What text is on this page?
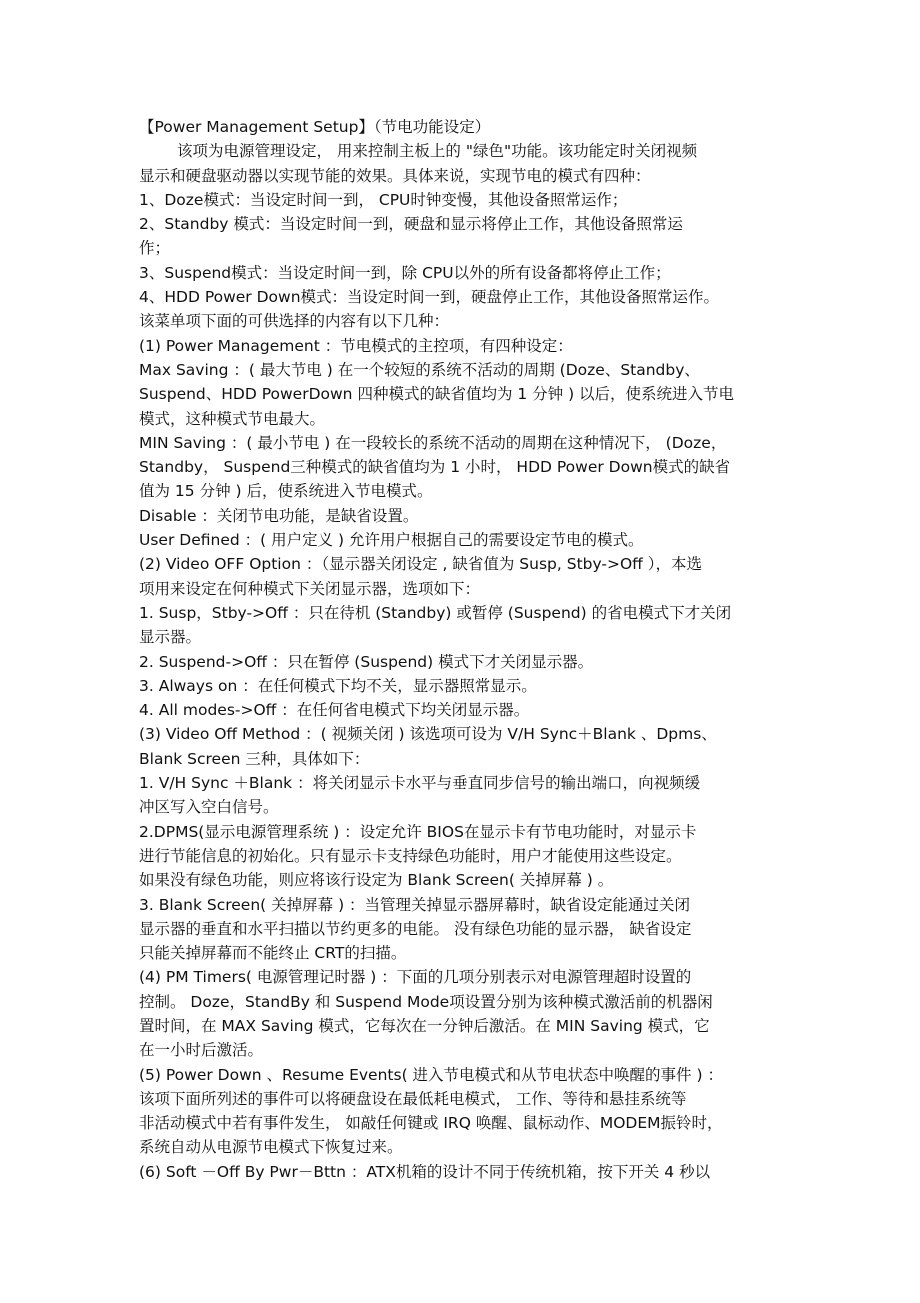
【Power Management Setup】（节电功能设定）
该项为电源管理设定， 用来控制主板上的 "绿色"功能。该功能定时关闭视频
显示和硬盘驱动器以实现节能的效果。具体来说，实现节电的模式有四种：
1、Doze模式：当设定时间一到， CPU时钟变慢，其他设备照常运作；
2、Standby 模式：当设定时间一到，硬盘和显示将停止工作，其他设备照常运
作；
3、Suspend模式：当设定时间一到，除 CPU以外的所有设备都将停止工作；
4、HDD Power Down模式：当设定时间一到，硬盘停止工作，其他设备照常运作。
该菜单项下面的可供选择的内容有以下几种：
(1) Power Management ：节电模式的主控项，有四种设定：
Max Saving ：( 最大节电 ) 在一个较短的系统不活动的周期 (Doze、Standby、
Suspend、HDD PowerDown 四种模式的缺省值均为 1 分钟 ) 以后，使系统进入节电
模式，这种模式节电最大。
MIN Saving ：( 最小节电 ) 在一段较长的系统不活动的周期在这种情况下， (Doze，
Standby， Suspend三种模式的缺省值均为 1 小时， HDD Power Down模式的缺省
值为 15 分钟 ) 后，使系统进入节电模式。
Disable ：关闭节电功能，是缺省设置。
User Defined ：( 用户定义 ) 允许用户根据自己的需要设定节电的模式。
(2) Video OFF Option ：（显示器关闭设定 , 缺省值为 Susp, Stby->Off ），本选
项用来设定在何种模式下关闭显示器，选项如下：
1. Susp，Stby->Off ：只在待机 (Standby) 或暂停 (Suspend) 的省电模式下才关闭
显示器。
2. Suspend->Off ：只在暂停 (Suspend) 模式下才关闭显示器。
3. Always on ：在任何模式下均不关，显示器照常显示。
4. All modes->Off ：在任何省电模式下均关闭显示器。
(3) Video Off Method ：( 视频关闭 ) 该选项可设为 V/H Sync＋Blank 、Dpms、
Blank Screen 三种，具体如下：
1. V/H Sync ＋Blank ：将关闭显示卡水平与垂直同步信号的输出端口，向视频缓
冲区写入空白信号。
2.DPMS(显示电源管理系统 ) ：设定允许 BIOS在显示卡有节电功能时，对显示卡
进行节能信息的初始化。只有显示卡支持绿色功能时，用户才能使用这些设定。
如果没有绿色功能，则应将该行设定为 Blank Screen( 关掉屏幕 ) 。
3. Blank Screen( 关掉屏幕 ) ：当管理关掉显示器屏幕时，缺省设定能通过关闭
显示器的垂直和水平扫描以节约更多的电能。 没有绿色功能的显示器， 缺省设定
只能关掉屏幕而不能终止 CRT的扫描。
(4) PM Timers( 电源管理记时器 ) ：下面的几项分别表示对电源管理超时设置的
控制。 Doze，StandBy 和 Suspend Mode项设置分别为该种模式激活前的机器闲
置时间，在 MAX Saving 模式，它每次在一分钟后激活。在 MIN Saving 模式，它
在一小时后激活。
(5) Power Down 、Resume Events( 进入节电模式和从节电状态中唤醒的事件 ) ：
该项下面所列述的事件可以将硬盘设在最低耗电模式， 工作、等待和悬挂系统等
非活动模式中若有事件发生， 如敲任何键或 IRQ 唤醒、鼠标动作、MODEM振铃时，
系统自动从电源节电模式下恢复过来。
(6) Soft －Off By Pwr－Bttn ：ATX机箱的设计不同于传统机箱，按下开关 4 秒以
